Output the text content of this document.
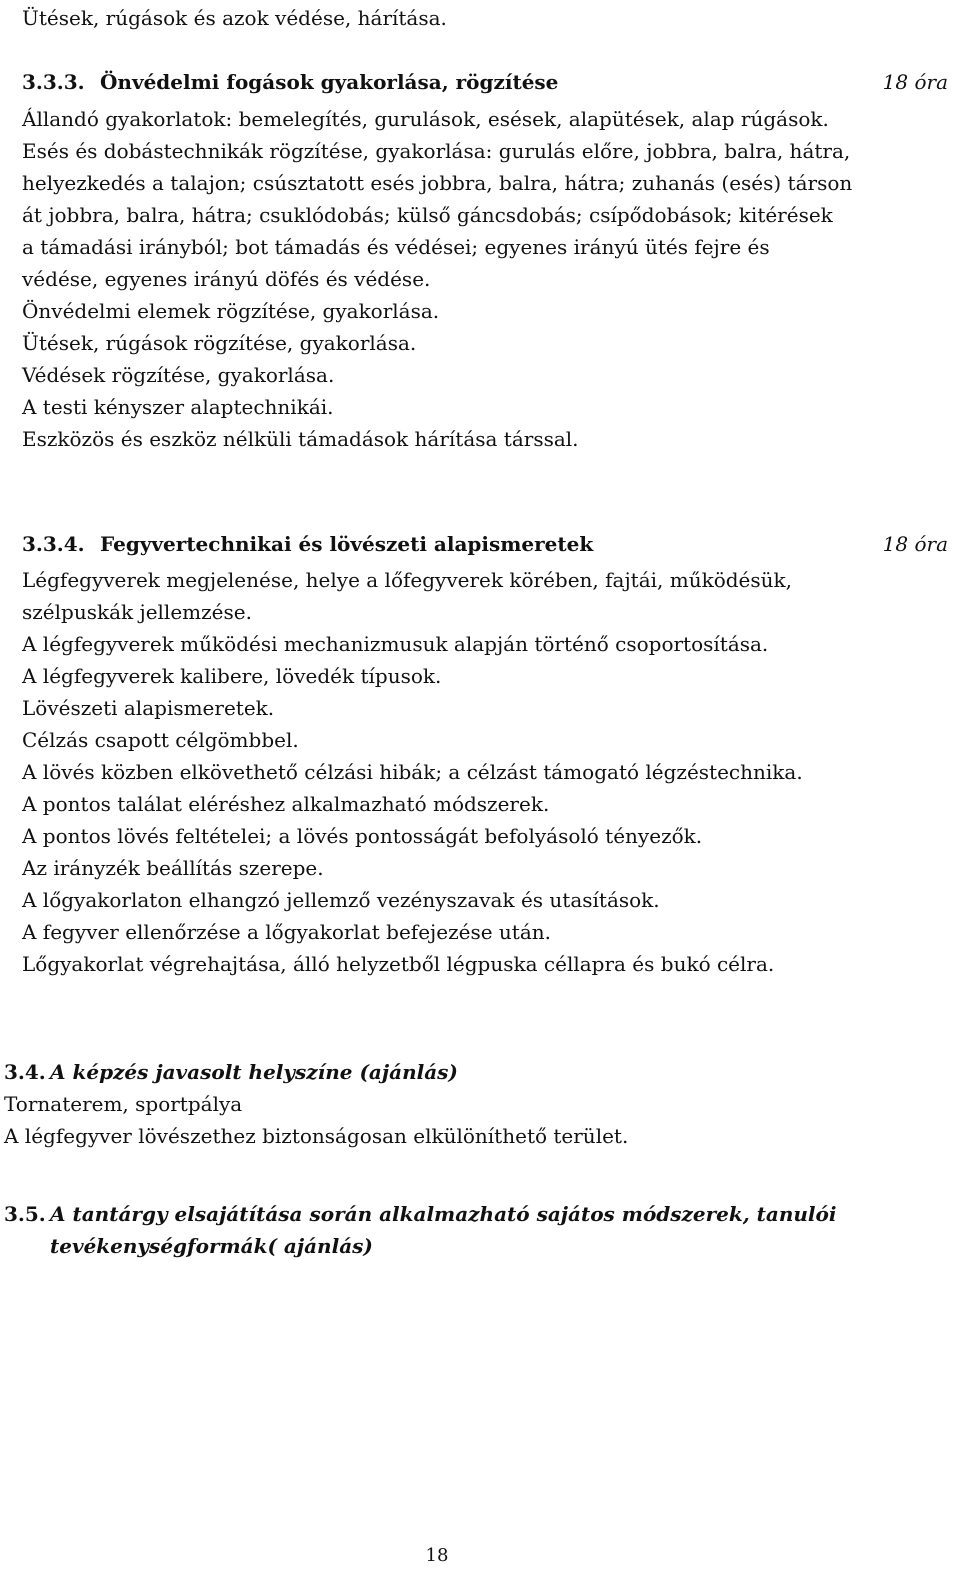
Ütések, rúgások és azok védése, hárítása.
3.3.3. Önvédelmi fogások gyakorlása, rögzítése	18 óra
Állandó gyakorlatok: bemelegítés, gurulások, esések, alapütések, alap rúgások.
Esés és dobástechnikák rögzítése, gyakorlása: gurulás előre, jobbra, balra, hátra,
helyezkedés a talajon; csúsztatott esés jobbra, balra, hátra; zuhanás (esés) társon
át jobbra, balra, hátra; csuklódobás; külső gáncsdobás; csípődobások; kitérések
a támadási irányból; bot támadás és védései; egyenes irányú ütés fejre és
védése, egyenes irányú döfés és védése.
Önvédelmi elemek rögzítése, gyakorlása.
Ütések, rúgások rögzítése, gyakorlása.
Védések rögzítése, gyakorlása.
A testi kényszer alaptechnikái.
Eszközös és eszköz nélküli támadások hárítása társsal.
3.3.4. Fegyvertechnikai és lövészeti alapismeretek	18 óra
Légfegyverek megjelenése, helye a lőfegyverek körében, fajtái, működésük,
szélpuskák jellemzése.
A légfegyverek működési mechanizmusuk alapján történő csoportosítása.
A légfegyverek kalibere, lövedék típusok.
Lövészeti alapismeretek.
Célzás csapott célgömbbel.
A lövés közben elkövethető célzási hibák; a célzást támogató légzéstechnika.
A pontos találat eléréshez alkalmazható módszerek.
A pontos lövés feltételei; a lövés pontosságát befolyásoló tényezők.
Az irányzék beállítás szerepe.
A lőgyakorlaton elhangzó jellemző vezényszavak és utasítások.
A fegyver ellenőrzése a lőgyakorlat befejezése után.
Lőgyakorlat végrehajtása, álló helyzetből légpuska céllapra és bukó célra.
3.4. A képzés javasolt helyszíne (ajánlás)
Tornaterem, sportpálya
A légfegyver lövészethez biztonságosan elkülöníthető terület.
3.5. A tantárgy elsajátítása során alkalmazható sajátos módszerek, tanulói
tevékenységformák( ajánlás)
18
